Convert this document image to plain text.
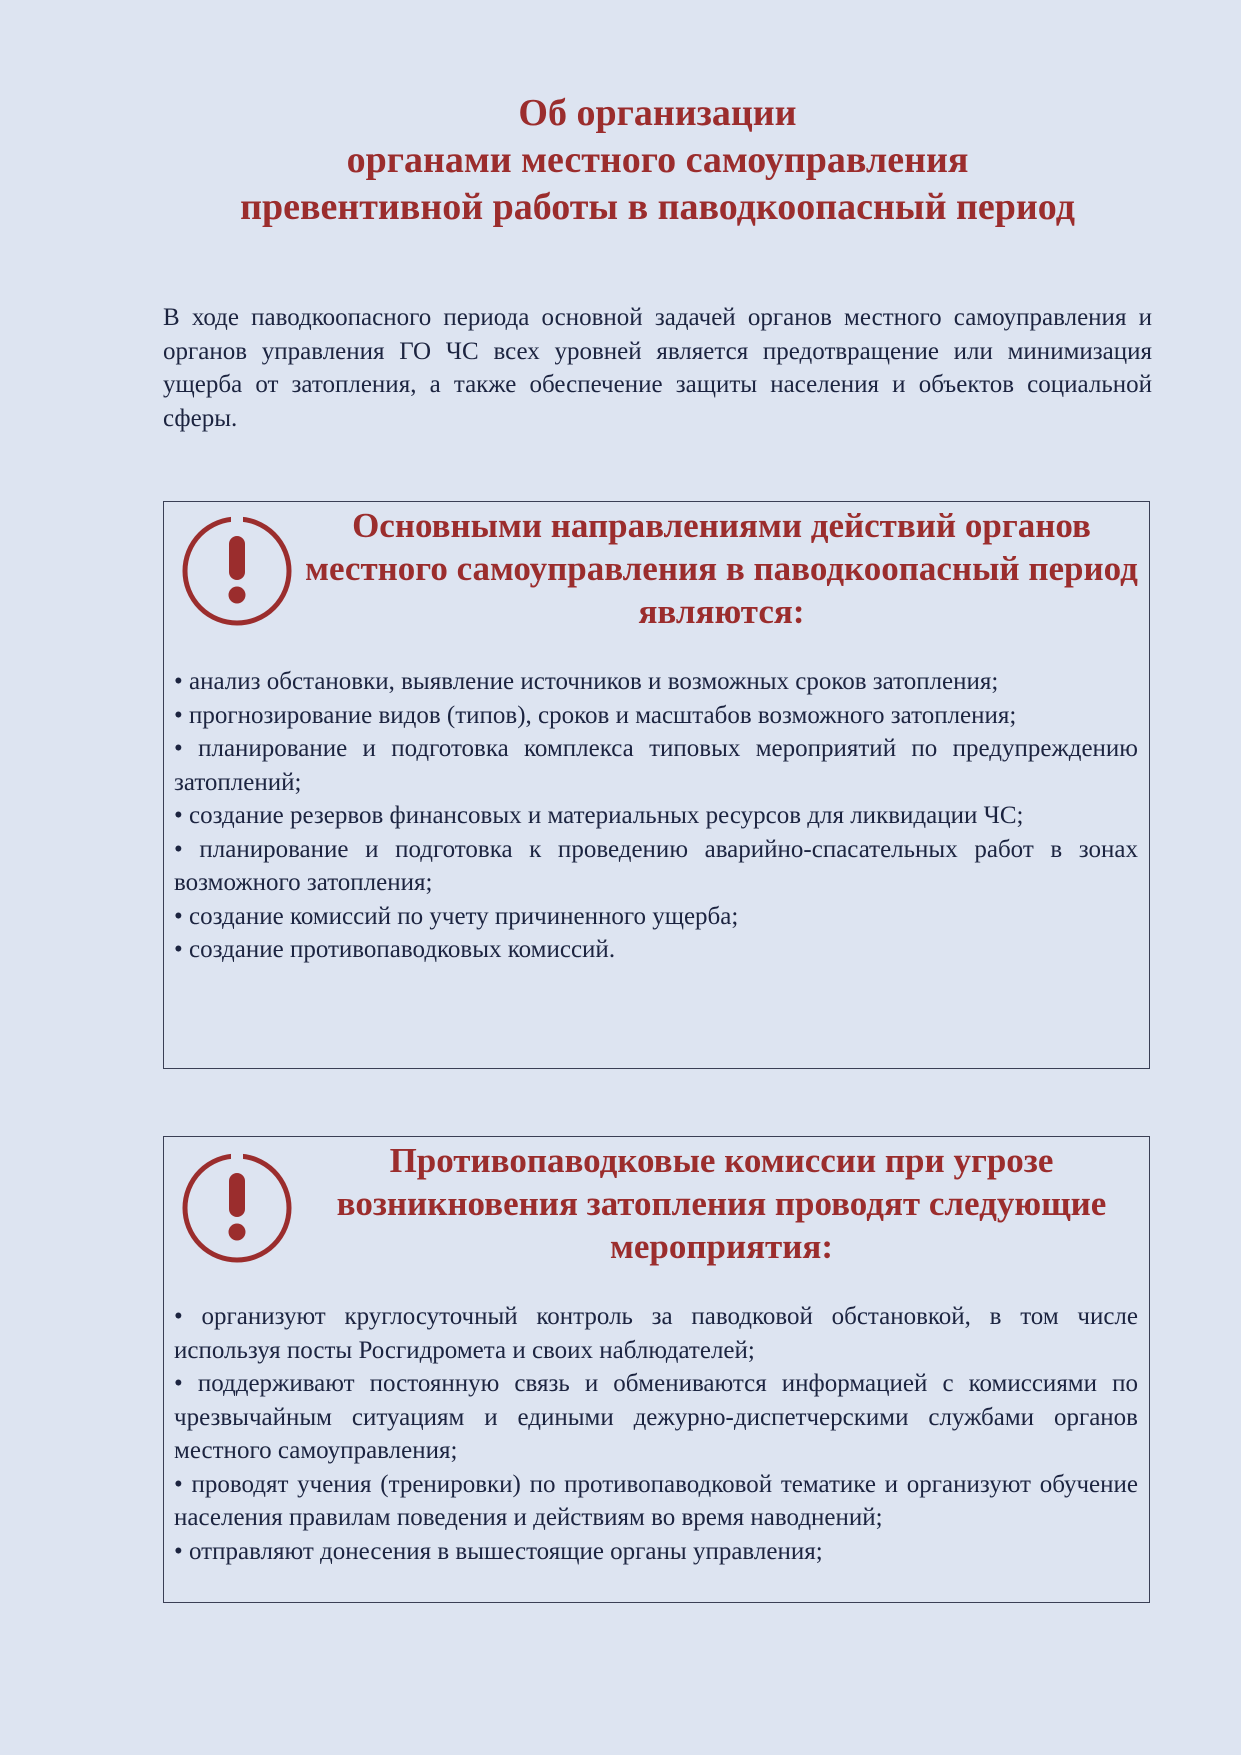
Об организации
органами местного самоуправления
превентивной работы в паводкоопасный период

В ходе паводкоопасного периода основной задачей органов местного самоуправления и органов управления ГО ЧС всех уровней является предотвращение или минимизация ущерба от затопления, а также обеспечение защиты населения и объектов социальной сферы.

Основными направлениями действий органов местного самоуправления в паводкоопасный период являются:
• анализ обстановки, выявление источников и возможных сроков затопления;
• прогнозирование видов (типов), сроков и масштабов возможного затопления;
• планирование и подготовка комплекса типовых мероприятий по предупреждению затоплений;
• создание резервов финансовых и материальных ресурсов для ликвидации ЧС;
• планирование и подготовка к проведению аварийно-спасательных работ в зонах возможного затопления;
• создание комиссий по учету причиненного ущерба;
• создание противопаводковых комиссий.
Противопаводковые комиссии при угрозе возникновения затопления проводят следующие мероприятия:
• организуют круглосуточный контроль за паводковой обстановкой, в том числе используя посты Росгидромета и своих наблюдателей;
• поддерживают постоянную связь и обмениваются информацией с комиссиями по чрезвычайным ситуациям и едиными дежурно-диспетчерскими службами органов местного самоуправления;
• проводят учения (тренировки) по противопаводковой тематике и организуют обучение населения правилам поведения и действиям во время наводнений;
• отправляют донесения в вышестоящие органы управления;
